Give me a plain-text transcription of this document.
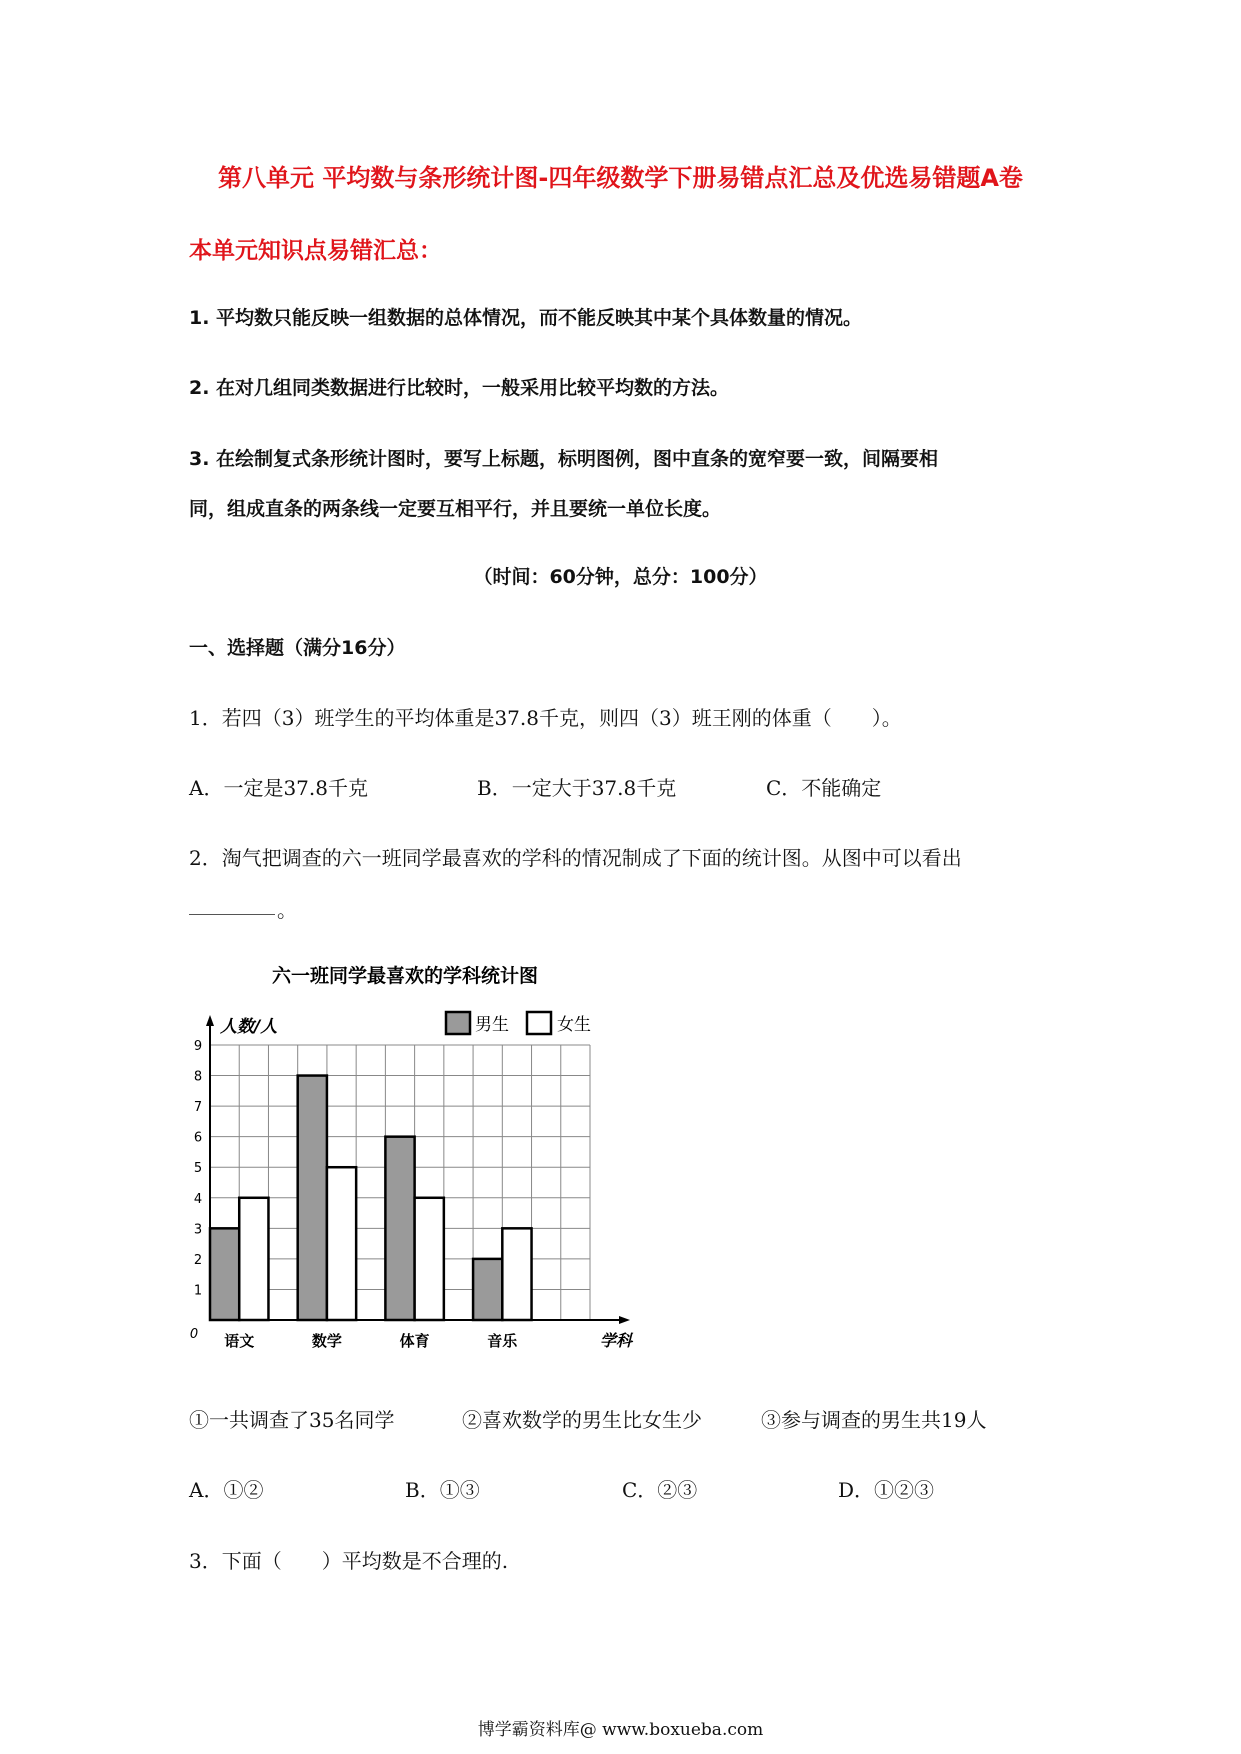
第八单元 平均数与条形统计图-四年级数学下册易错点汇总及优选易错题A卷
本单元知识点易错汇总：
1. 平均数只能反映一组数据的总体情况，而不能反映其中某个具体数量的情况。
2. 在对几组同类数据进行比较时，一般采用比较平均数的方法。
3. 在绘制复式条形统计图时，要写上标题，标明图例，图中直条的宽窄要一致，间隔要相
同，组成直条的两条线一定要互相平行，并且要统一单位长度。
（时间：60分钟，总分：100分）
一、选择题（满分16分）
1．若四（3）班学生的平均体重是37.8千克，则四（3）班王刚的体重（　　）。
A．一定是37.8千克	B．一定大于37.8千克	C．不能确定
2．淘气把调查的六一班同学最喜欢的学科的情况制成了下面的统计图。从图中可以看出
。
六一班同学最喜欢的学科统计图
男生	女生
0
1
2
3
4
5
6
7
8
9
语文	数学	体育	音乐
人数/人
学科
①一共调查了35名同学	②喜欢数学的男生比女生少	③参与调查的男生共19人
A．①②	B．①③	C．②③	D．①②③
3．下面（　　）平均数是不合理的.
博学霸资料库@ www.boxueba.com
